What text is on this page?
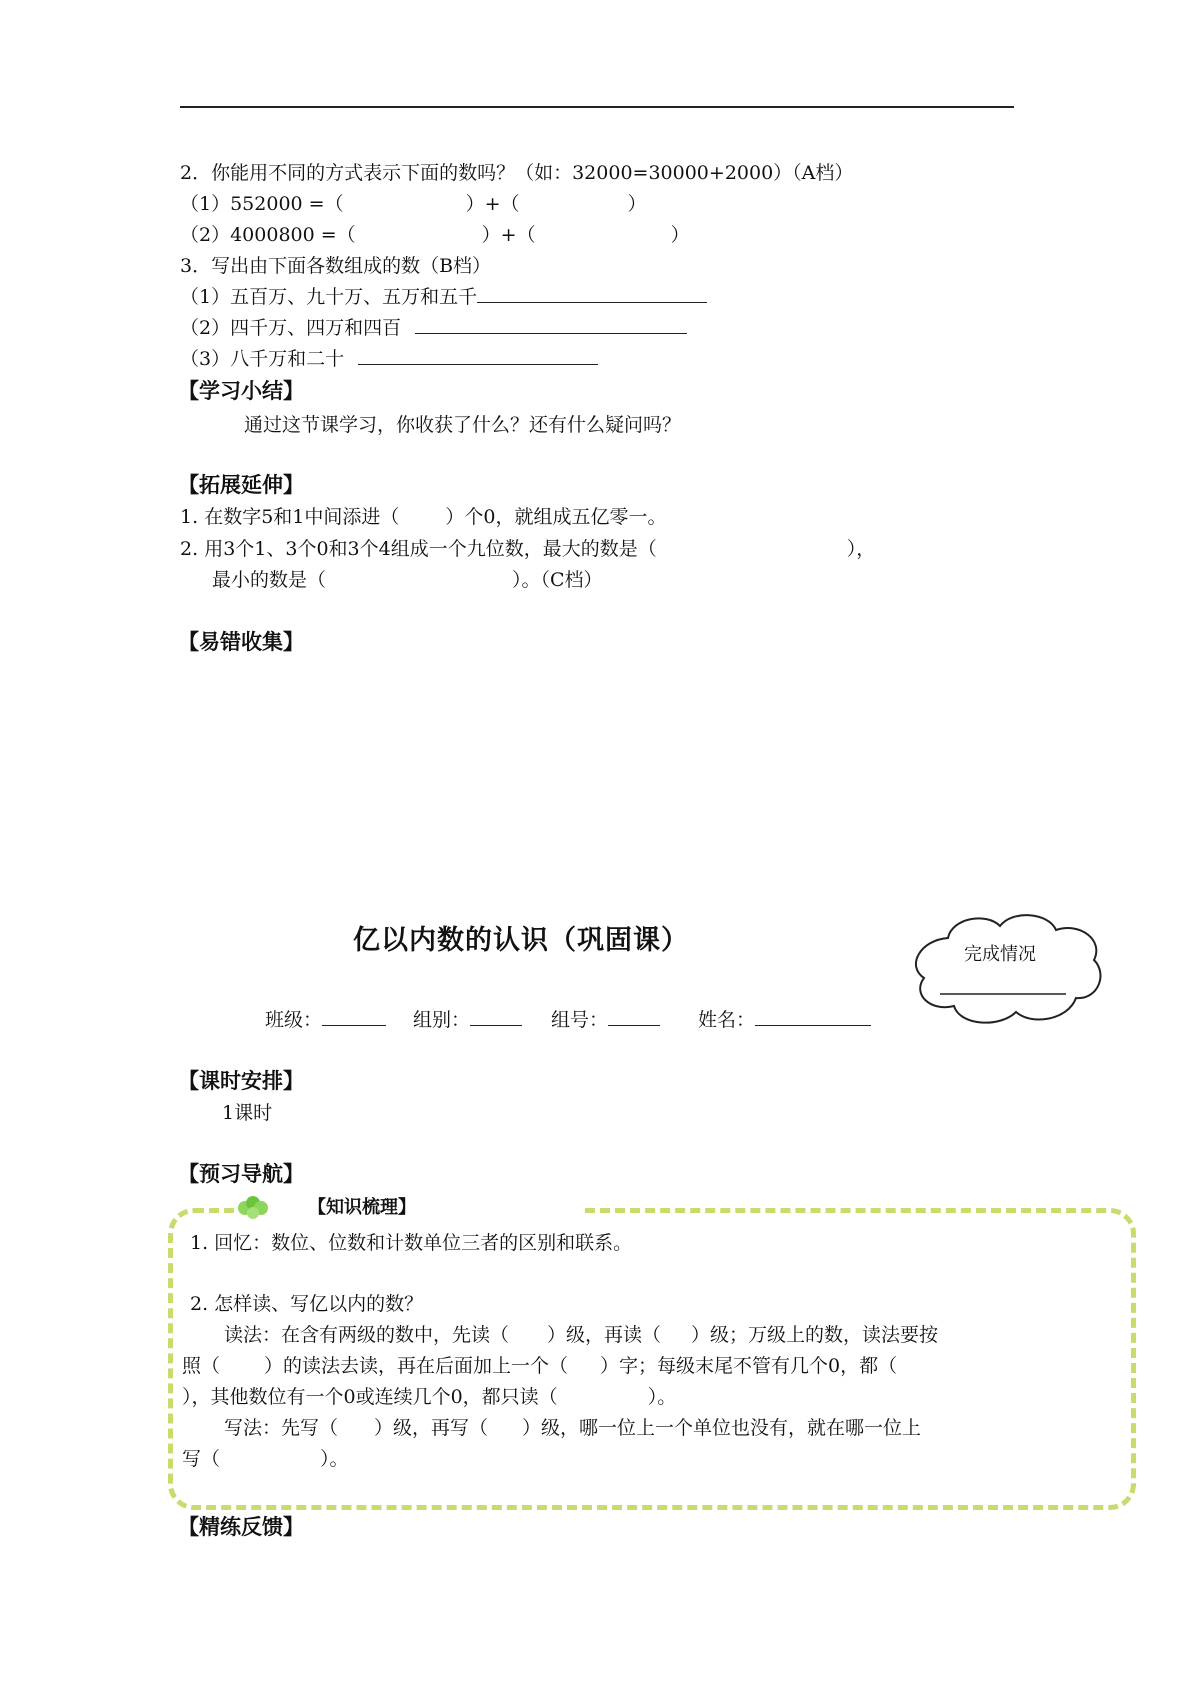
2．你能用不同的方式表示下面的数吗？（如：32000=30000+2000）（A档）
（1）552000 =（	）+（	）
（2）4000800 =（	）+（	）
3．写出由下面各数组成的数（B档）
（1）五百万、九十万、五万和五千
（2）四千万、四万和四百
（3）八千万和二十
【学习小结】
通过这节课学习，你收获了什么？还有什么疑问吗？
【拓展延伸】
1. 在数字5和1中间添进（ ）个0，就组成五亿零一。
2. 用3个1、3个0和3个4组成一个九位数，最大的数是（	），
最小的数是（	）。（C档）
【易错收集】
亿以内数的认识（巩固课）	完成情况
班级：	组别：	组号：	姓名：
【课时安排】
1课时
【预习导航】
【知识梳理】
1. 回忆：数位、位数和计数单位三者的区别和联系。
2. 怎样读、写亿以内的数？
读法：在含有两级的数中，先读（ ）级，再读（ ）级；万级上的数，读法要按
照（ ）的读法去读，再在后面加上一个（ ）字；每级末尾不管有几个0，都（
），其他数位有一个0或连续几个0，都只读（	）。
写法：先写（ ）级，再写（ ）级，哪一位上一个单位也没有，就在哪一位上
写（	）。
【精练反馈】
